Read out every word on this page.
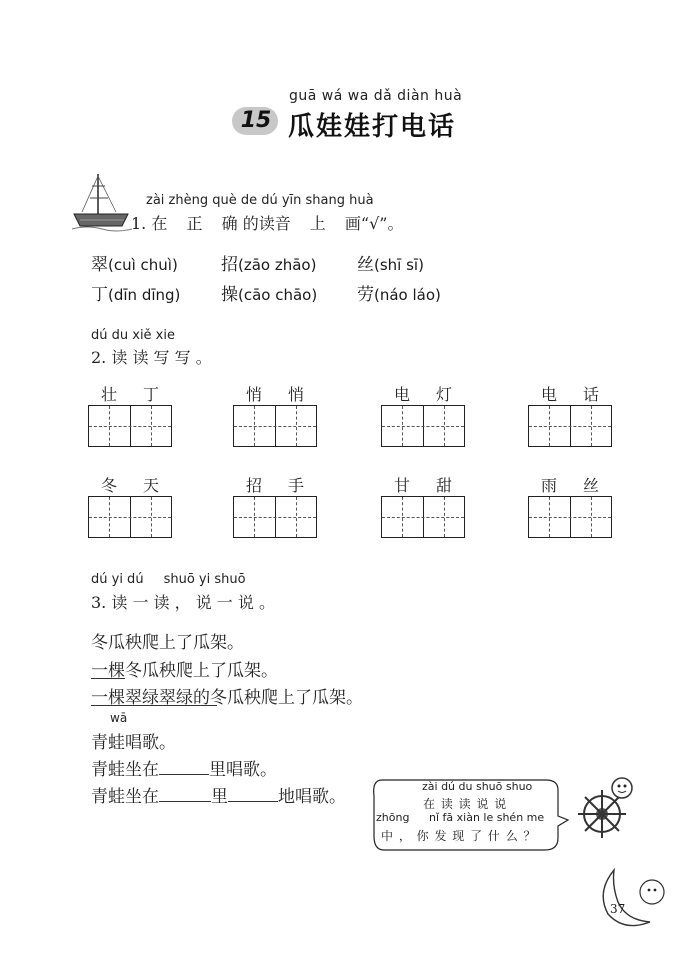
guā wá wa dǎ diàn huà
15 瓜娃娃打电话
zài zhèng què de dú yīn shang huà
1. 在 正 确 的读音 上 画“√”。
翠(cuì chuì)	招(zāo zhāo) 丝(shī sī)
丁(dīn dīng) 操(cāo chāo) 劳(náo láo)
dú du xiě xie
2. 读 读 写 写 。
壮 丁	悄 悄	电 灯	电 话
冬 天	招 手	甘 甜	雨 丝
dú yi dú shuō yi shuō
3. 读 一 读 ， 说 一 说 。
冬瓜秧爬上了瓜架。
一棵冬瓜秧爬上了瓜架。
一棵翠绿翠绿的冬瓜秧爬上了瓜架。
wā
青蛙唱歌。
青蛙坐在	里唱歌。
青蛙坐在	里	地唱歌。
zài dú du shuō shuo
在 读 读 说 说
zhōng nǐ fā xiàn le shén me
中 ， 你 发 现 了 什 么 ？
37
